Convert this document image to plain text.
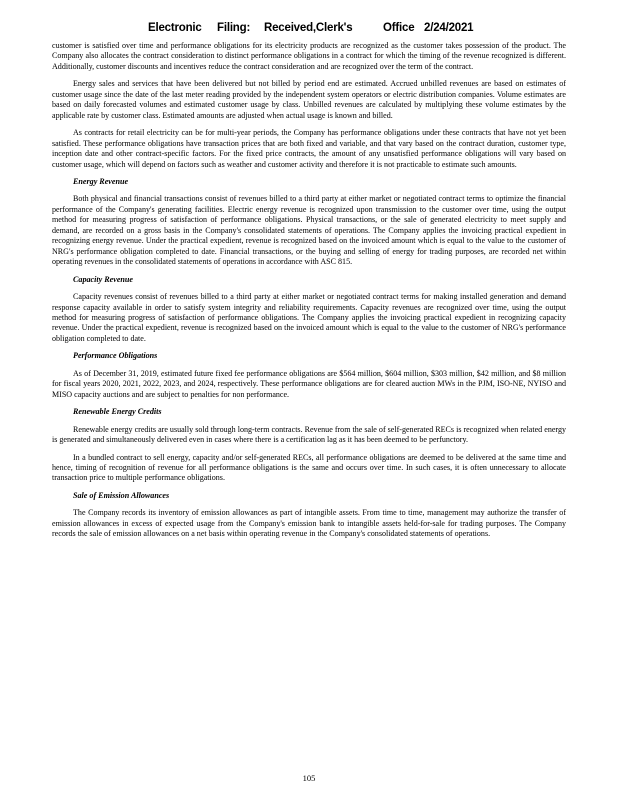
Electronic Filing: Received,Clerk's	Office 2/24/2021

customer is satisfied over time and performance obligations for its electricity products are recognized as the customer takes possession of the product. The Company also allocates the contract consideration to distinct performance obligations in a contract for which the timing of the revenue recognized is different. Additionally, customer discounts and incentives reduce the contract consideration and are recognized over the term of the contract.

Energy sales and services that have been delivered but not billed by period end are estimated. Accrued unbilled revenues are based on estimates of customer usage since the date of the last meter reading provided by the independent system operators or electric distribution companies. Volume estimates are based on daily forecasted volumes and estimated customer usage by class. Unbilled revenues are calculated by multiplying these volume estimates by the applicable rate by customer class. Estimated amounts are adjusted when actual usage is known and billed.

As contracts for retail electricity can be for multi-year periods, the Company has performance obligations under these contracts that have not yet been satisfied. These performance obligations have transaction prices that are both fixed and variable, and that vary based on the contract duration, customer type, inception date and other contract-specific factors. For the fixed price contracts, the amount of any unsatisfied performance obligations will vary based on customer usage, which will depend on factors such as weather and customer activity and therefore it is not practicable to estimate such amounts.

Energy Revenue

Both physical and financial transactions consist of revenues billed to a third party at either market or negotiated contract terms to optimize the financial performance of the Company's generating facilities. Electric energy revenue is recognized upon transmission to the customer over time, using the output method for measuring progress of satisfaction of performance obligations. Physical transactions, or the sale of generated electricity to meet supply and demand, are recorded on a gross basis in the Company's consolidated statements of operations. The Company applies the invoicing practical expedient in recognizing energy revenue. Under the practical expedient, revenue is recognized based on the invoiced amount which is equal to the value to the customer of NRG's performance obligation completed to date. Financial transactions, or the buying and selling of energy for trading purposes, are recorded net within operating revenues in the consolidated statements of operations in accordance with ASC 815.

Capacity Revenue

Capacity revenues consist of revenues billed to a third party at either market or negotiated contract terms for making installed generation and demand response capacity available in order to satisfy system integrity and reliability requirements. Capacity revenues are recognized over time, using the output method for measuring progress of satisfaction of performance obligations. The Company applies the invoicing practical expedient in recognizing capacity revenue. Under the practical expedient, revenue is recognized based on the invoiced amount which is equal to the value to the customer of NRG's performance obligation completed to date.

Performance Obligations

As of December 31, 2019, estimated future fixed fee performance obligations are $564 million, $604 million, $303 million, $42 million, and $8 million for fiscal years 2020, 2021, 2022, 2023, and 2024, respectively. These performance obligations are for cleared auction MWs in the PJM, ISO-NE, NYISO and MISO capacity auctions and are subject to penalties for non performance.

Renewable Energy Credits

Renewable energy credits are usually sold through long-term contracts. Revenue from the sale of self-generated RECs is recognized when related energy is generated and simultaneously delivered even in cases where there is a certification lag as it has been deemed to be perfunctory.

In a bundled contract to sell energy, capacity and/or self-generated RECs, all performance obligations are deemed to be delivered at the same time and hence, timing of recognition of revenue for all performance obligations is the same and occurs over time. In such cases, it is often unnecessary to allocate transaction price to multiple performance obligations.

Sale of Emission Allowances

The Company records its inventory of emission allowances as part of intangible assets. From time to time, management may authorize the transfer of emission allowances in excess of expected usage from the Company's emission bank to intangible assets held-for-sale for trading purposes. The Company records the sale of emission allowances on a net basis within operating revenue in the Company's consolidated statements of operations.

105
